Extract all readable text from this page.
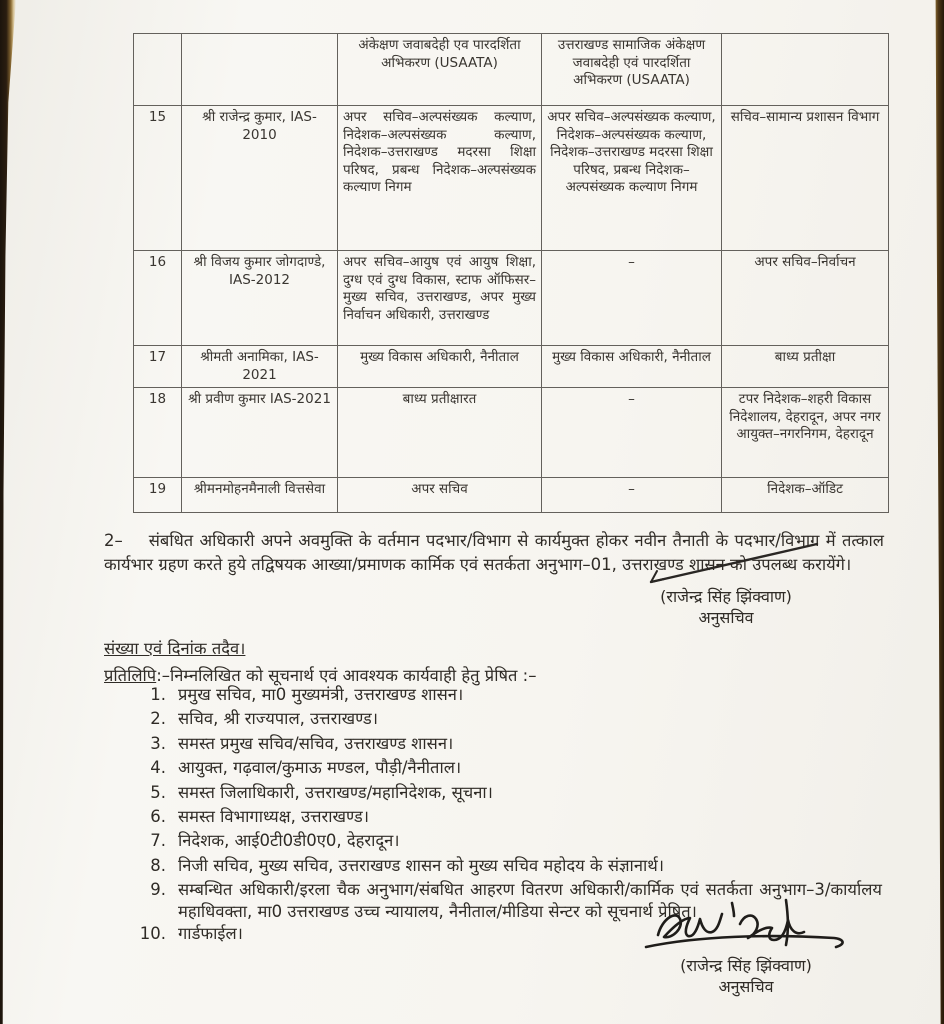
		अंकेक्षण जवाबदेही एव पारदर्शिता अभिकरण (USAATA)	उत्तराखण्ड सामाजिक अंकेक्षण जवाबदेही एवं पारदर्शिता अभिकरण (USAATA)	
15	श्री राजेन्द्र कुमार, IAS-2010	अपर सचिव–अल्पसंख्यक कल्याण, निदेशक–अल्पसंख्यक कल्याण, निदेशक–उत्तराखण्ड मदरसा शिक्षा परिषद, प्रबन्ध निदेशक–अल्पसंख्यक कल्याण निगम	अपर सचिव–अल्पसंख्यक कल्याण, निदेशक–अल्पसंख्यक कल्याण, निदेशक–उत्तराखण्ड मदरसा शिक्षा परिषद, प्रबन्ध निदेशक–अल्पसंख्यक कल्याण निगम	सचिव–सामान्य प्रशासन विभाग
16	श्री विजय कुमार जोगदाण्डे, IAS-2012	अपर सचिव–आयुष एवं आयुष शिक्षा, दुग्ध एवं दुग्ध विकास, स्टाफ ऑफिसर–मुख्य सचिव, उत्तराखण्ड, अपर मुख्य निर्वाचन अधिकारी, उत्तराखण्ड	–	अपर सचिव–निर्वाचन
17	श्रीमती अनामिका, IAS-2021	मुख्य विकास अधिकारी, नैनीताल	मुख्य विकास अधिकारी, नैनीताल	बाध्य प्रतीक्षा
18	श्री प्रवीण कुमार IAS-2021	बाध्य प्रतीक्षारत	–	टपर निदेशक–शहरी विकास निदेशालय, देहरादून, अपर नगर आयुक्त–नगरनिगम, देहरादून
19	श्रीमनमोहनमैनाली वित्तसेवा	अपर सचिव	–	निदेशक–ऑडिट

2– संबधित अधिकारी अपने अवमुक्ति के वर्तमान पदभार/विभाग से कार्यमुक्त होकर नवीन तैनाती के पदभार/विभाग में तत्काल कार्यभार ग्रहण करते हुये तद्विषयक आख्या/प्रमाणक कार्मिक एवं सतर्कता अनुभाग–01, उत्तराखण्ड शासन को उपलब्ध करायेंगे।

(राजेन्द्र सिंह झिंक्वाण)
अनुसचिव
संख्या एवं दिनांक तदैव।
प्रतिलिपि:–निम्नलिखित को सूचनार्थ एवं आवश्यक कार्यवाही हेतु प्रेषित :–
1. प्रमुख सचिव, मा0 मुख्यमंत्री, उत्तराखण्ड शासन।
2. सचिव, श्री राज्यपाल, उत्तराखण्ड।
3. समस्त प्रमुख सचिव/सचिव, उत्तराखण्ड शासन।
4. आयुक्त, गढ़वाल/कुमाऊ मण्डल, पौड़ी/नैनीताल।
5. समस्त जिलाधिकारी, उत्तराखण्ड/महानिदेशक, सूचना।
6. समस्त विभागाध्यक्ष, उत्तराखण्ड।
7. निदेशक, आई0टी0डी0ए0, देहरादून।
8. निजी सचिव, मुख्य सचिव, उत्तराखण्ड शासन को मुख्य सचिव महोदय के संज्ञानार्थ।
9. सम्बन्धित अधिकारी/इरला चैक अनुभाग/संबधित आहरण वितरण अधिकारी/कार्मिक एवं सतर्कता अनुभाग–3/कार्यालय महाधिवक्ता, मा0 उत्तराखण्ड उच्च न्यायालय, नैनीताल/मीडिया सेन्टर को सूचनार्थ प्रेषित।
10. गार्डफाईल।
(राजेन्द्र सिंह झिंक्वाण)
अनुसचिव
